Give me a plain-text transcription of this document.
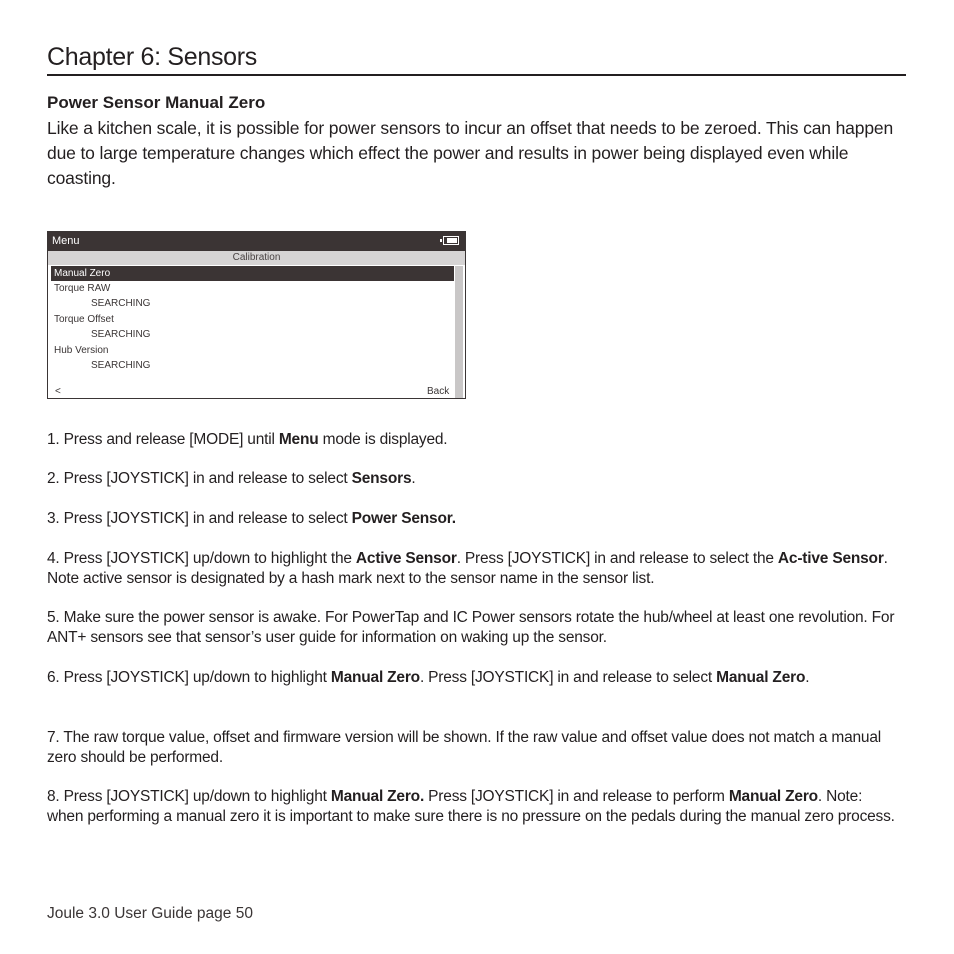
Chapter 6: Sensors
Power Sensor Manual Zero

Like a kitchen scale, it is possible for power sensors to incur an offset that needs to be zeroed. This can happen due to large temperature changes which effect the power and results in power being displayed even while coasting.

Menu
Calibration
Manual Zero
Torque RAW
SEARCHING
Torque Offset
SEARCHING
Hub Version
SEARCHING
<	Back

1. Press and release [MODE] until Menu mode is displayed.

2. Press [JOYSTICK] in and release to select Sensors.

3. Press [JOYSTICK] in and release to select Power Sensor.

4. Press [JOYSTICK] up/down to highlight the Active Sensor. Press [JOYSTICK] in and release to select the Ac-tive Sensor. Note active sensor is designated by a hash mark next to the sensor name in the sensor list.

5. Make sure the power sensor is awake. For PowerTap and IC Power sensors rotate the hub/wheel at least one revolution. For ANT+ sensors see that sensor’s user guide for information on waking up the sensor.

6. Press [JOYSTICK] up/down to highlight Manual Zero. Press [JOYSTICK] in and release to select Manual Zero.

7. The raw torque value, offset and firmware version will be shown. If the raw value and offset value does not match a manual zero should be performed.

8. Press [JOYSTICK] up/down to highlight Manual Zero. Press [JOYSTICK] in and release to perform Manual Zero. Note: when performing a manual zero it is important to make sure there is no pressure on the pedals during the manual zero process.

Joule 3.0 User Guide page 50
